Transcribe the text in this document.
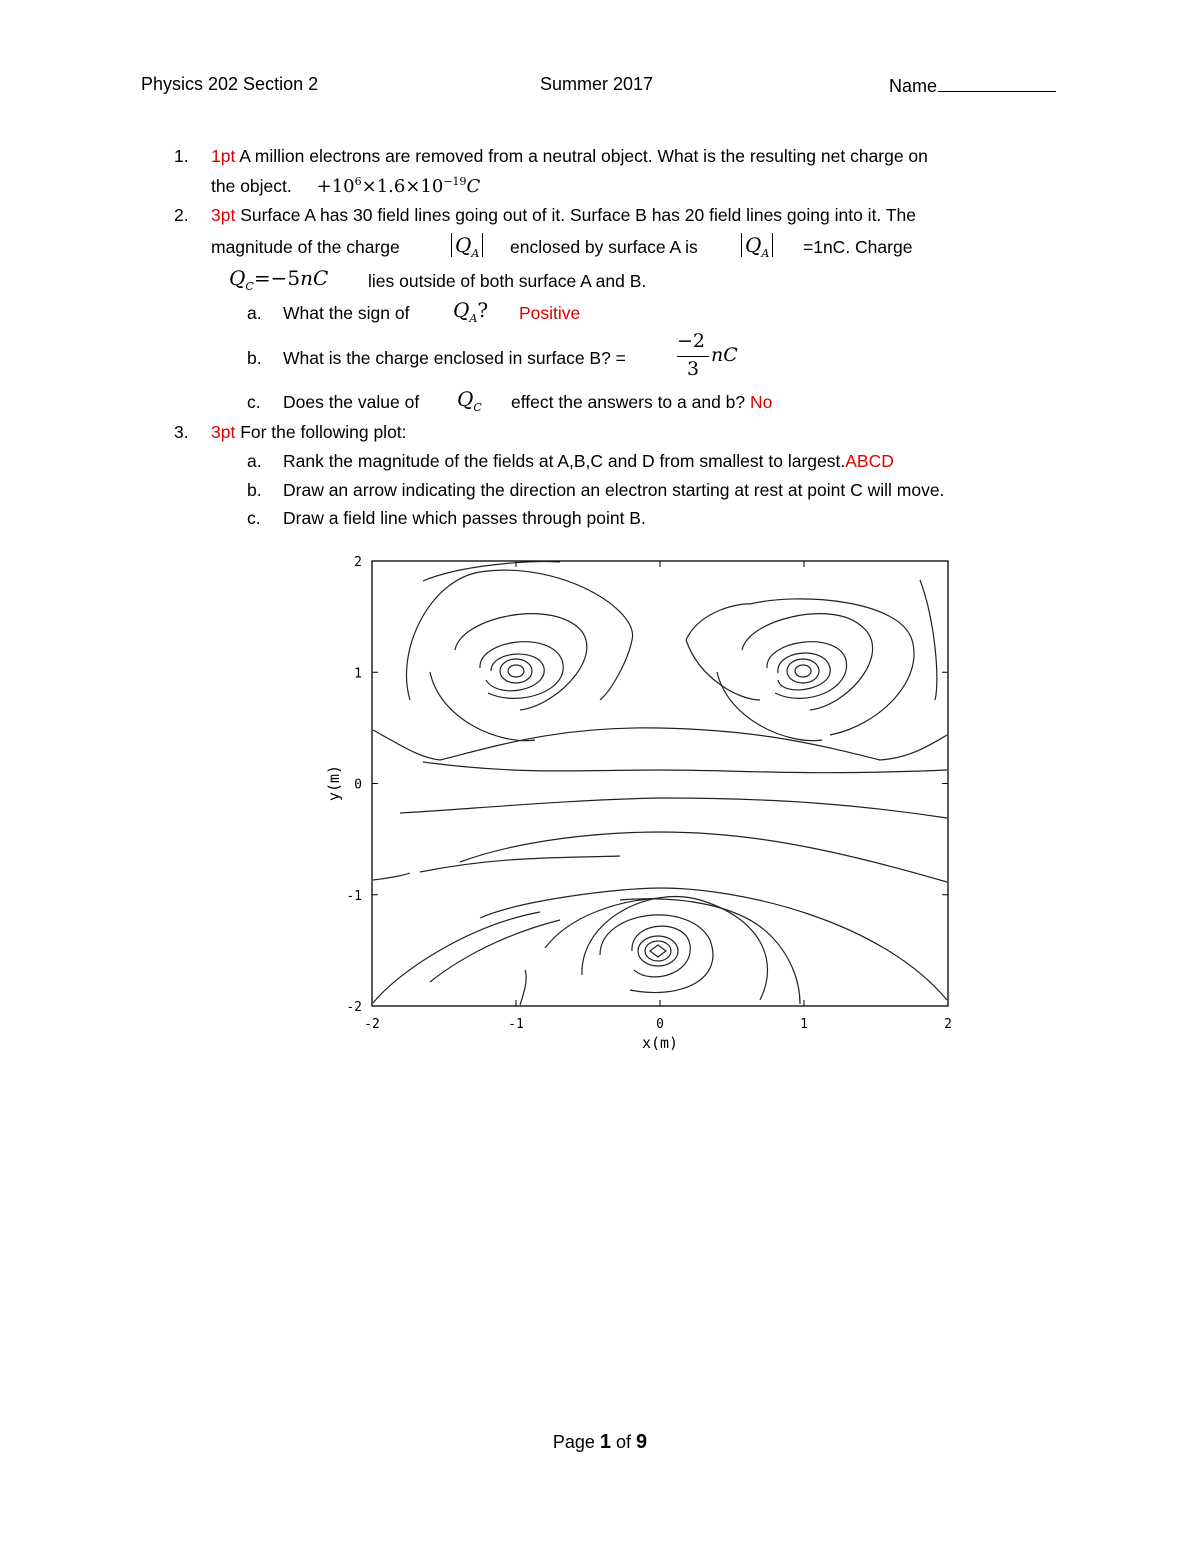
Physics 202 Section 2	Summer 2017	Name
1. 1pt A million electrons are removed from a neutral object. What is the resulting net charge on
the object. $+10^6\times 1.6\times 10^{-19}C$
2. 3pt Surface A has 30 field lines going out of it. Surface B has 20 field lines going into it. The
magnitude of the charge	$Q_A$ enclosed by surface A is $Q_A =1nC$. Charge
$Q_C=-5nC$ lies outside of both surface A and B.
a. What the sign of $Q_A$? Positive
b. What is the charge enclosed in surface B? =
−2
3
nC
c. Does the value of $Q_C$ effect the answers to a and b? No
3. 3pt For the following plot:
a. Rank the magnitude of the fields at A,B,C and D from smallest to largest.ABCD
b. Draw an arrow indicating the direction an electron starting at rest at point C will move.
c. Draw a field line which passes through point B.
-2	-1	0	1	2
2
1
0
-1
-2
x(m)
y(m)
Page 1 of 9
